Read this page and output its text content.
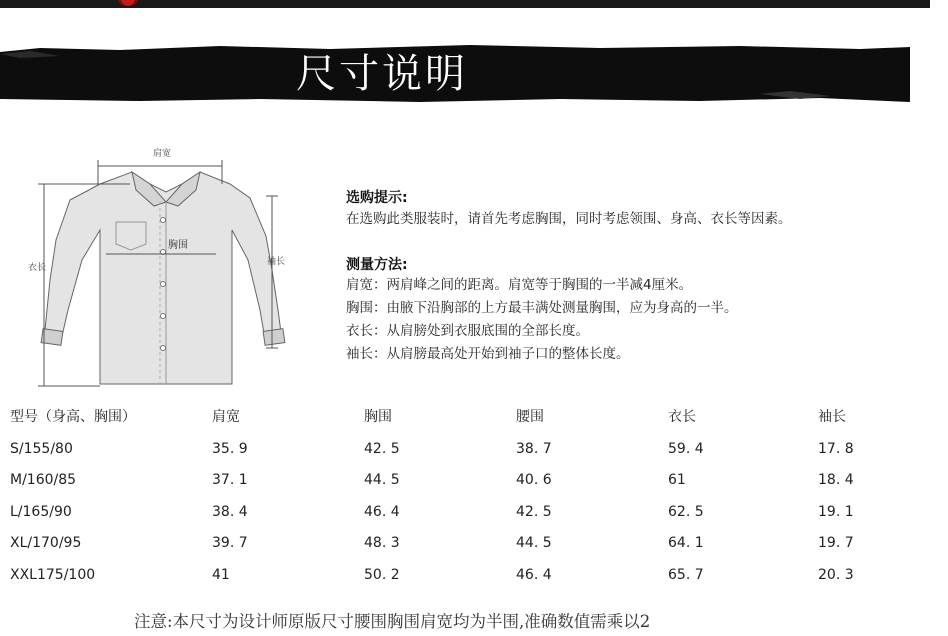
尺寸说明
肩宽
胸围
衣长
袖长
选购提示:
在选购此类服装时，请首先考虑胸围，同时考虑领围、身高、衣长等因素。
测量方法:
肩宽：两肩峰之间的距离。肩宽等于胸围的一半减4厘米。
胸围：由腋下沿胸部的上方最丰满处测量胸围，应为身高的一半。
衣长：从肩膀处到衣服底围的全部长度。
袖长：从肩膀最高处开始到袖子口的整体长度。
型号（身高、胸围）	肩宽	胸围	腰围	衣长	袖长
S/155/80	35. 9	42. 5	38. 7	59. 4	17. 8
M/160/85	37. 1	44. 5	40. 6	61	18. 4
L/165/90	38. 4	46. 4	42. 5	62. 5	19. 1
XL/170/95	39. 7	48. 3	44. 5	64. 1	19. 7
XXL175/100	41	50. 2	46. 4	65. 7	20. 3
注意:本尺寸为设计师原版尺寸腰围胸围肩宽均为半围,准确数值需乘以2
